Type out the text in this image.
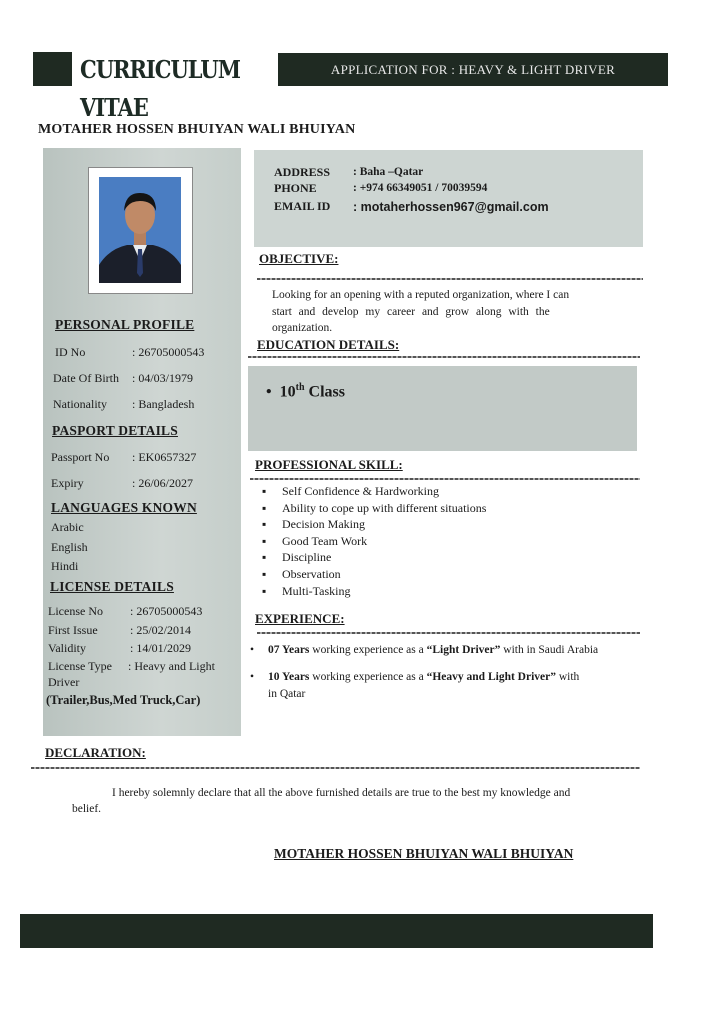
CURRICULUM VITAE
APPLICATION FOR : HEAVY & LIGHT DRIVER
MOTAHER HOSSEN BHUIYAN WALI BHUIYAN
PERSONAL PROFILE
ID No	: 26705000543
Date Of Birth : 04/03/1979
Nationality : Bangladesh
PASPORT DETAILS
Passport No : EK0657327
Expiry	: 26/06/2027
LANGUAGES KNOWN
Arabic
English
Hindi
LICENSE DETAILS
License No : 26705000543
First Issue	: 25/02/2014
Validity	: 14/01/2029
License Type : Heavy and Light
Driver
(Trailer,Bus,Med Truck,Car)
ADDRESS : Baha –Qatar
PHONE	: +974 66349051 / 70039594
EMAIL ID : motaherhossen967@gmail.com
OBJECTIVE:
Looking for an opening with a reputed organization, where I can
start and develop my career and grow along with the
organization.
EDUCATION DETAILS:
• 10th Class
PROFESSIONAL SKILL:
▪ Self Confidence & Hardworking
▪ Ability to cope up with different situations
▪ Decision Making
▪ Good Team Work
▪ Discipline
▪ Observation
▪ Multi-Tasking
EXPERIENCE:
• 07 Years working experience as a “Light Driver” with in Saudi Arabia
• 10 Years working experience as a “Heavy and Light Driver” with
in Qatar
DECLARATION:
I hereby solemnly declare that all the above furnished details are true to the best my knowledge and
belief.
MOTAHER HOSSEN BHUIYAN WALI BHUIYAN
